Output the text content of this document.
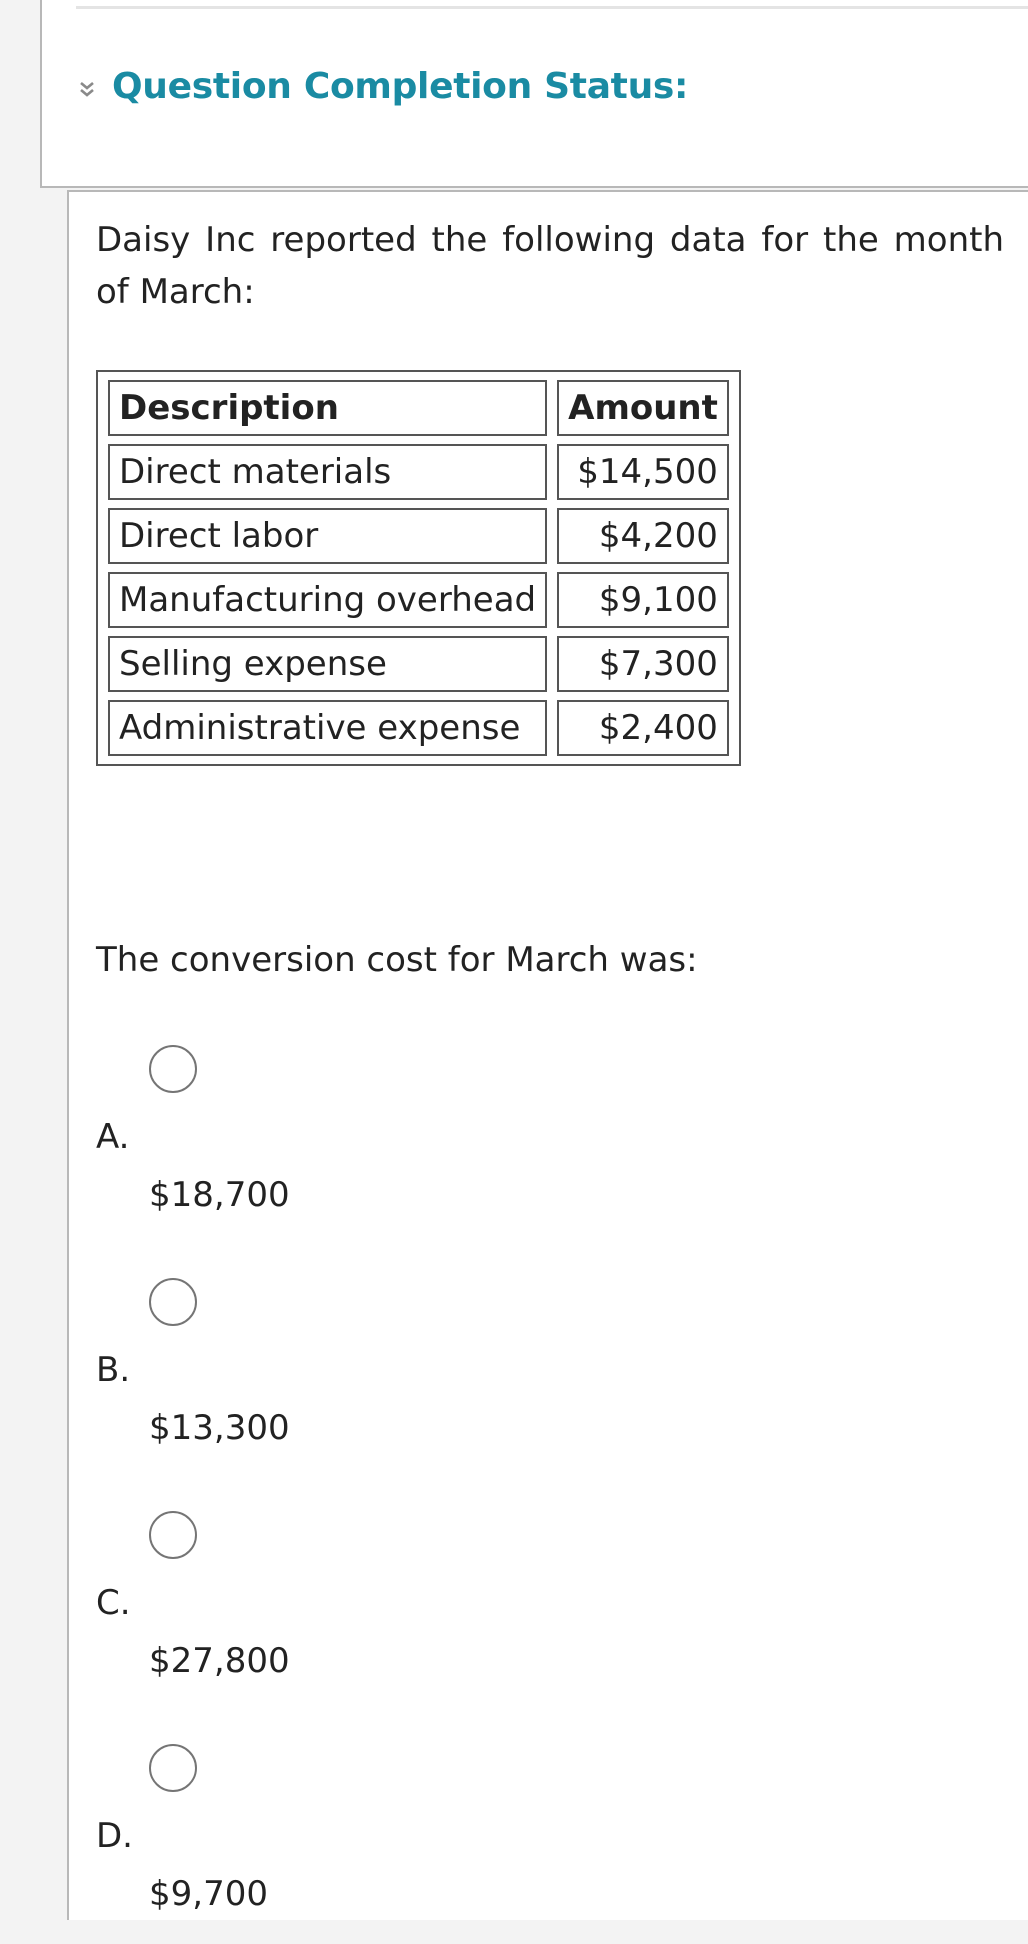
Question Completion Status:

Daisy Inc reported the following data for the month of March:

Description	Amount
Direct materials	$14,500
Direct labor	$4,200
Manufacturing overhead	$9,100
Selling expense	$7,300
Administrative expense	$2,400

The conversion cost for March was:

A.
$18,700
B.
$13,300
C.
$27,800
D.
$9,700
